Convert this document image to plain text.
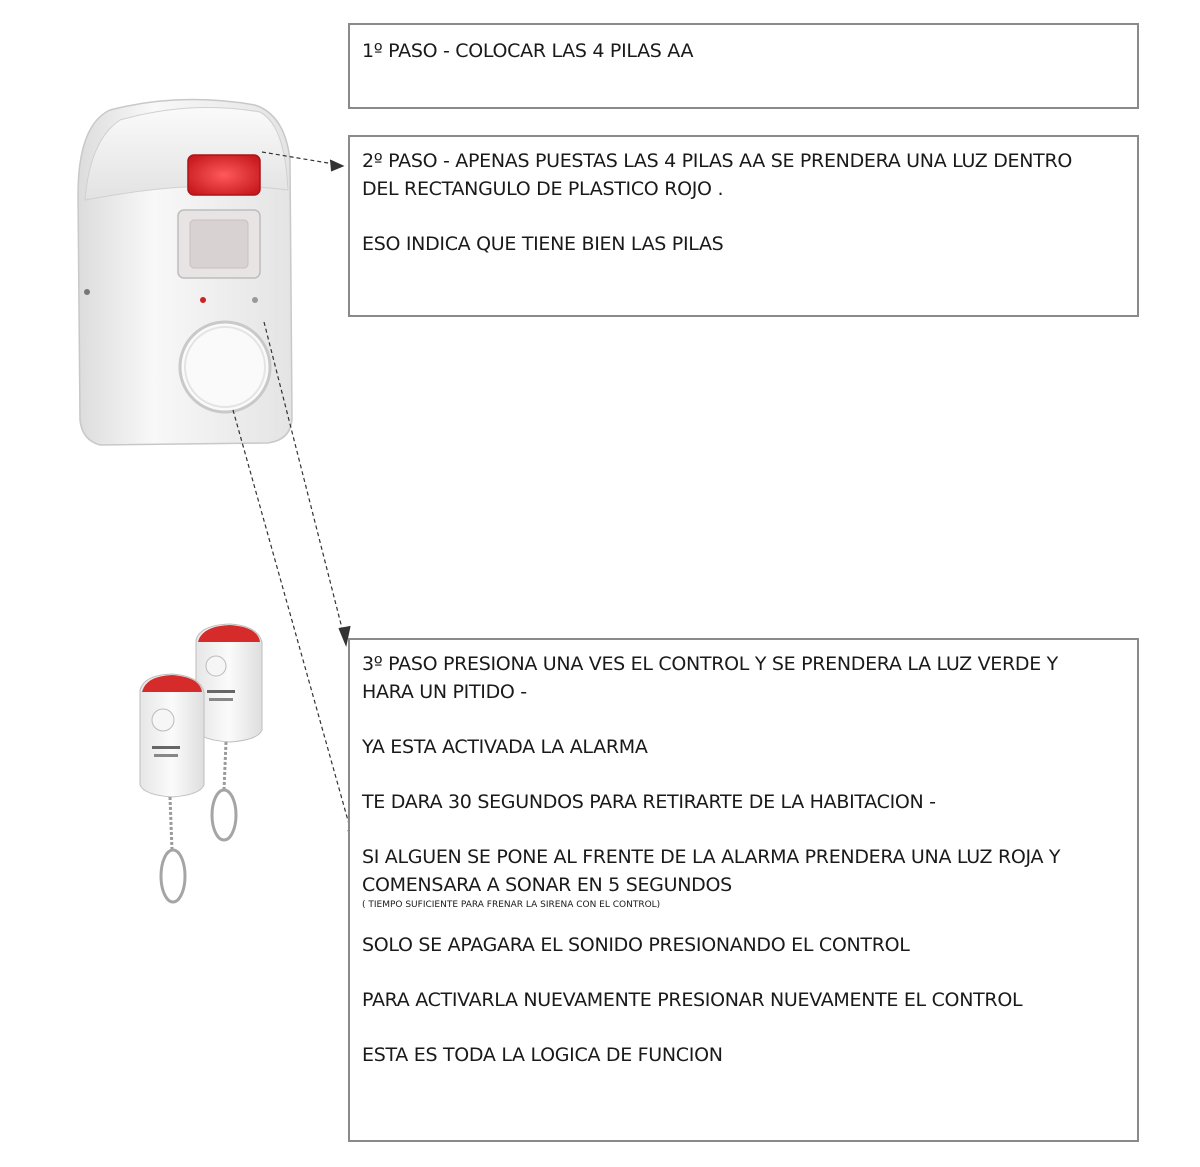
1º PASO - COLOCAR LAS 4 PILAS AA

2º PASO - APENAS PUESTAS LAS 4 PILAS AA SE PRENDERA UNA LUZ DENTRO

DEL RECTANGULO DE PLASTICO ROJO .

ESO INDICA QUE TIENE BIEN LAS PILAS

3º PASO PRESIONA UNA VES EL CONTROL Y SE PRENDERA LA LUZ VERDE Y

HARA UN PITIDO -

YA ESTA ACTIVADA LA ALARMA

TE DARA 30 SEGUNDOS PARA RETIRARTE DE LA HABITACION -

SI ALGUEN SE PONE AL FRENTE DE LA ALARMA PRENDERA UNA LUZ ROJA Y

COMENSARA A SONAR EN 5 SEGUNDOS

( TIEMPO SUFICIENTE PARA FRENAR LA SIRENA CON EL CONTROL)

SOLO SE APAGARA EL SONIDO PRESIONANDO EL CONTROL

PARA ACTIVARLA NUEVAMENTE PRESIONAR NUEVAMENTE EL CONTROL

ESTA ES TODA LA LOGICA DE FUNCION
